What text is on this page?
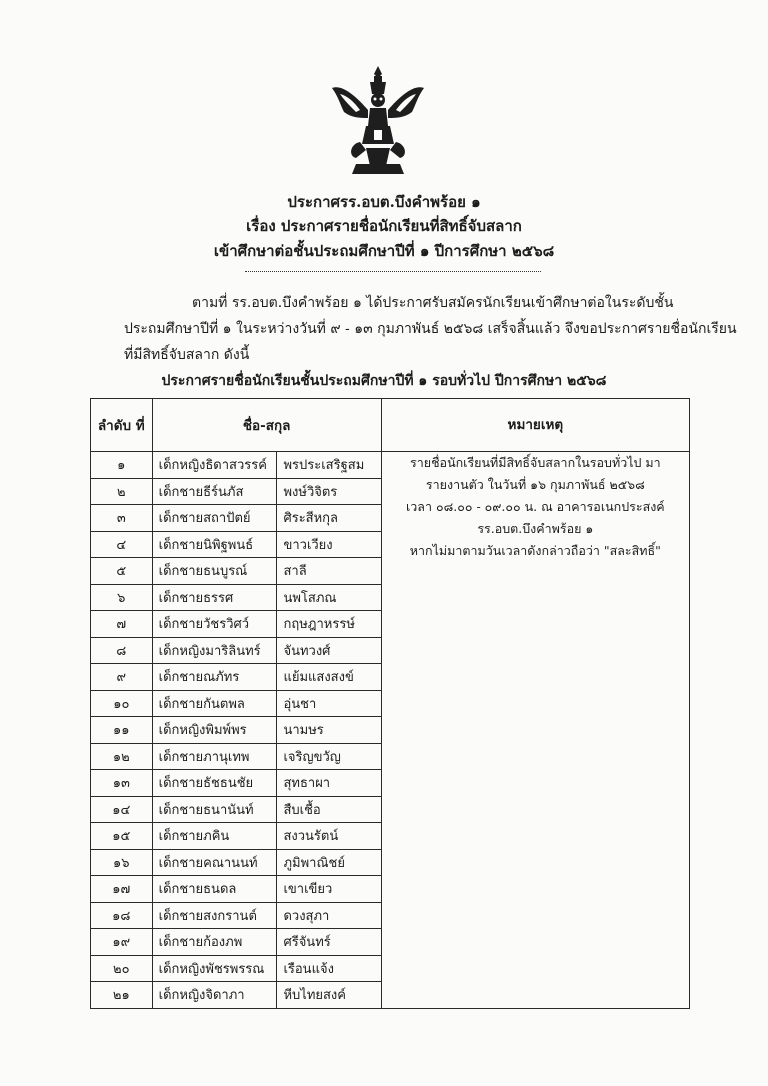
ประกาศรร.อบต.บึงคำพร้อย ๑
เรื่อง ประกาศรายชื่อนักเรียนที่สิทธิ์จับสลาก
เข้าศึกษาต่อชั้นประถมศึกษาปีที่ ๑ ปีการศึกษา ๒๕๖๘
ตามที่ รร.อบต.บึงคำพร้อย ๑ ได้ประกาศรับสมัครนักเรียนเข้าศึกษาต่อในระดับชั้น
ประถมศึกษาปีที่ ๑ ในระหว่างวันที่ ๙ - ๑๓ กุมภาพันธ์ ๒๕๖๘ เสร็จสิ้นแล้ว จึงขอประกาศรายชื่อนักเรียน
ที่มีสิทธิ์จับสลาก ดังนี้
ประกาศรายชื่อนักเรียนชั้นประถมศึกษาปีที่ ๑ รอบทั่วไป ปีการศึกษา ๒๕๖๘
ลำดับ ที่	ชื่อ-สกุล		หมายเหตุ
๑	เด็กหญิงธิดาสวรรค์	พรประเสริฐสม	รายชื่อนักเรียนที่มีสิทธิ์จับสลากในรอบทั่วไป มา
รายงานตัว ในวันที่ ๑๖ กุมภาพันธ์ ๒๕๖๘
เวลา ๐๘.๐๐ - ๐๙.๐๐ น. ณ อาคารอเนกประสงค์
รร.อบต.บึงคำพร้อย ๑
หากไม่มาตามวันเวลาดังกล่าวถือว่า "สละสิทธิ์"

๒	เด็กชายธีร์นภัส	พงษ์วิจิตร	
๓	เด็กชายสถาปัตย์	ศิระสีหกุล	
๔	เด็กชายนิพิฐพนธ์	ขาวเวียง	
๕	เด็กชายธนบูรณ์	สาลี	
๖	เด็กชายธรรศ	นพโสภณ	
๗	เด็กชายวัชรวิศว์	กฤษฎาหรรษ์	
๘	เด็กหญิงมาริลินทร์	จันทวงศ์	
๙	เด็กชายณภัทร	แย้มแสงสงข์	
๑๐	เด็กชายกันตพล	อุ่นชา	
๑๑	เด็กหญิงพิมพ์พร	นามษร	
๑๒	เด็กชายภานุเทพ	เจริญขวัญ	
๑๓	เด็กชายธัชธนชัย	สุทธาผา	
๑๔	เด็กชายธนานันท์	สืบเชื้อ	
๑๕	เด็กชายภคิน	สงวนรัตน์	
๑๖	เด็กชายคณานนท์	ภูมิพาณิชย์	
๑๗	เด็กชายธนดล	เขาเขียว	
๑๘	เด็กชายสงกรานต์	ดวงสุภา	
๑๙	เด็กชายก้องภพ	ศรีจันทร์	
๒๐	เด็กหญิงพัชรพรรณ	เรือนแจ้ง	
๒๑	เด็กหญิงจิดาภา	หีบไทยสงค์	
